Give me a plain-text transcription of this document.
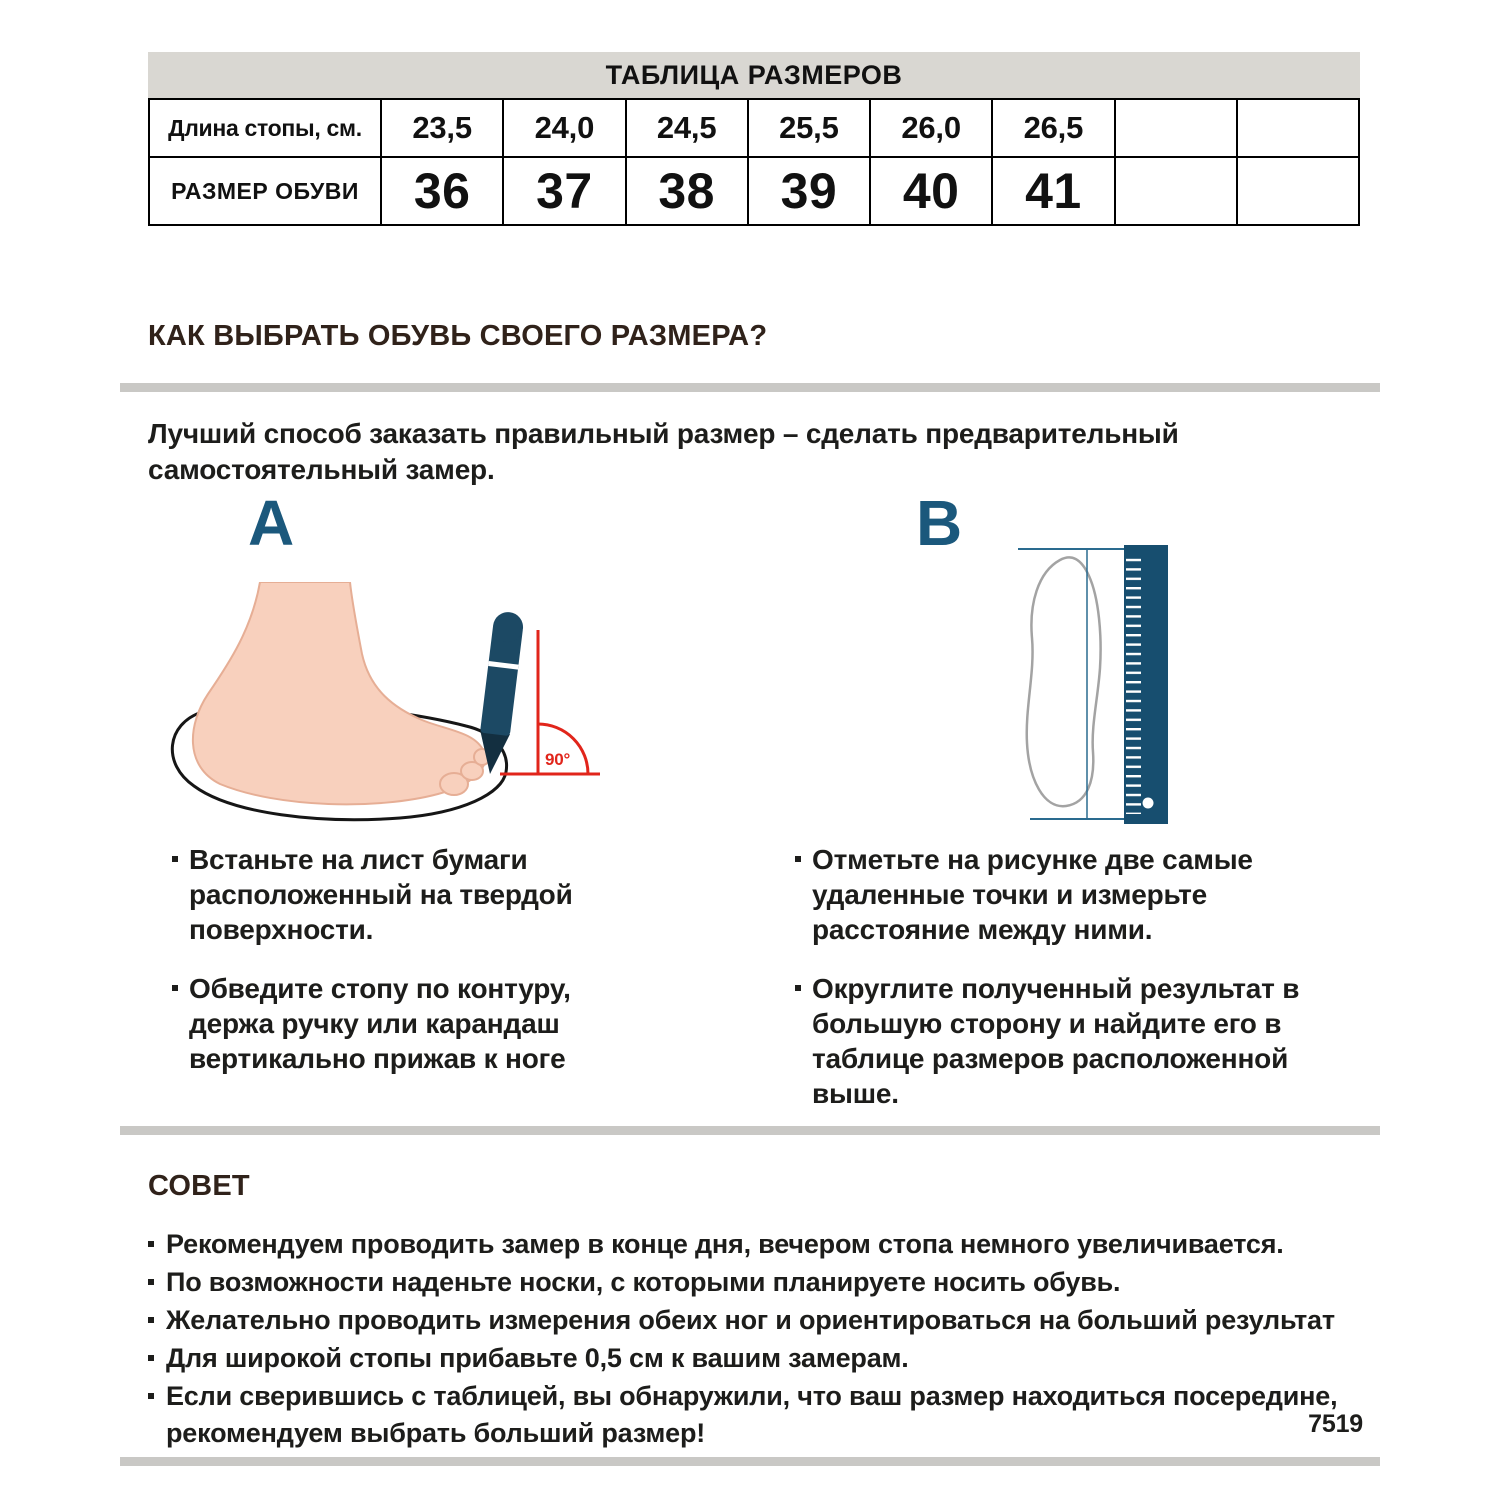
ТАБЛИЦА РАЗМЕРОВ
Длина стопы, см.	23,5	24,0	24,5	25,5	26,0	26,5		
РАЗМЕР ОБУВИ	36	37	38	39	40	41		
КАК ВЫБРАТЬ ОБУВЬ СВОЕГО РАЗМЕРА?
Лучший способ заказать правильный размер – сделать предварительный самостоятельный замер.
A	B
90°
Встаньте на лист бумаги расположенный на твердой поверхности.
Обведите стопу по контуру, держа ручку или карандаш вертикально прижав к ноге
Отметьте на рисунке две самые удаленные точки и измерьте расстояние между ними.
Округлите полученный результат в большую сторону и найдите его в таблице размеров расположенной выше.
СОВЕТ
Рекомендуем проводить замер в конце дня, вечером стопа немного увеличивается.
По возможности наденьте носки, с которыми планируете носить обувь.
Желательно проводить измерения обеих ног и ориентироваться на больший результат
Для широкой стопы прибавьте 0,5 см к вашим замерам.
Если сверившись с таблицей, вы обнаружили, что ваш размер находиться посередине, рекомендуем выбрать больший размер!	7519
